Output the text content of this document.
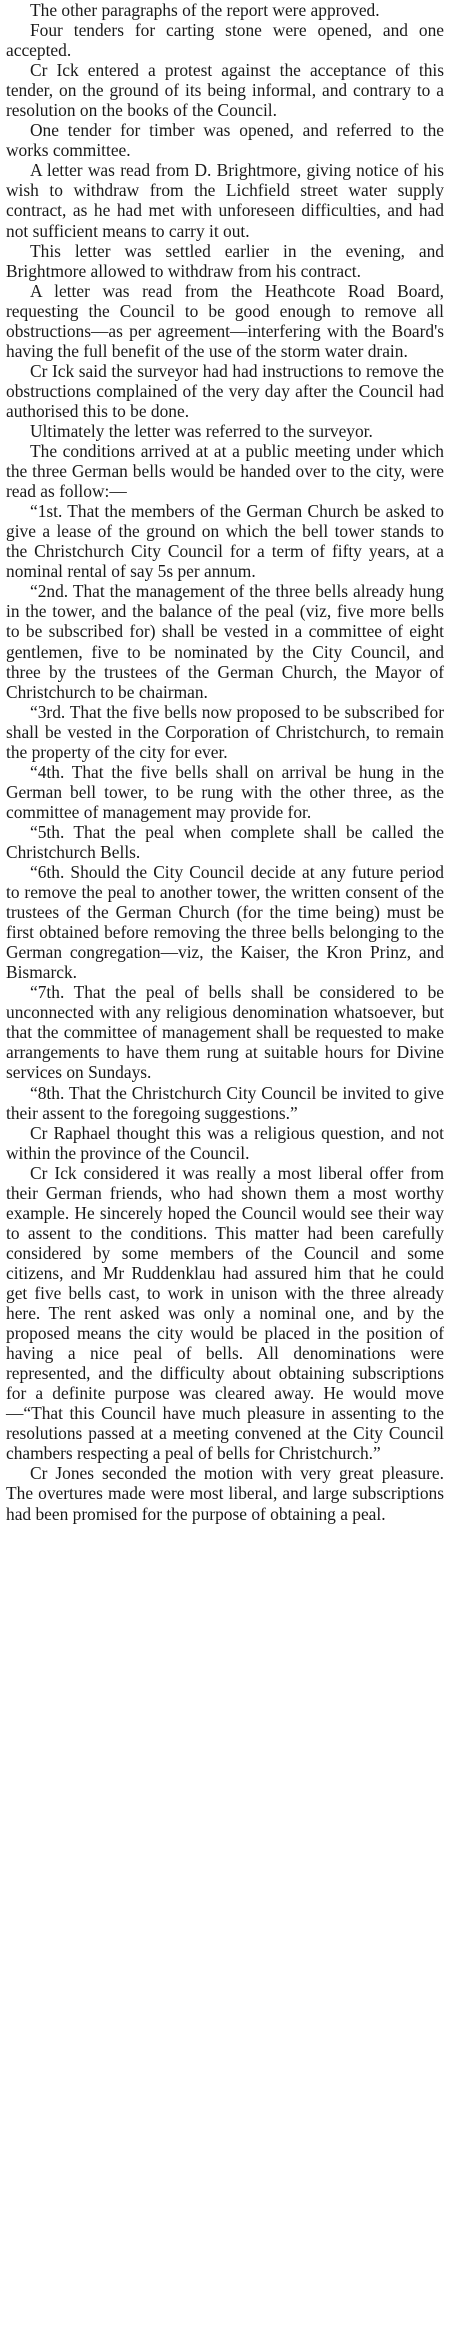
The other paragraphs of the report were approved.

Four tenders for carting stone were opened, and one accepted.

Cr Ick entered a protest against the acceptance of this tender, on the ground of its being informal, and contrary to a resolution on the books of the Council.

One tender for timber was opened, and referred to the works committee.

A letter was read from D. Brightmore, giving notice of his wish to withdraw from the Lichfield street water supply contract, as he had met with unforeseen difficulties, and had not sufficient means to carry it out.

This letter was settled earlier in the evening, and Brightmore allowed to withdraw from his contract.

A letter was read from the Heathcote Road Board, requesting the Council to be good enough to remove all obstructions—as per agreement—interfering with the Board's having the full benefit of the use of the storm water drain.

Cr Ick said the surveyor had had instructions to remove the obstructions complained of the very day after the Council had authorised this to be done.

Ultimately the letter was referred to the surveyor.

The conditions arrived at at a public meeting under which the three German bells would be handed over to the city, were read as follow:—

“1st. That the members of the German Church be asked to give a lease of the ground on which the bell tower stands to the Christchurch City Council for a term of fifty years, at a nominal rental of say 5s per annum.

“2nd. That the management of the three bells already hung in the tower, and the balance of the peal (viz, five more bells to be subscribed for) shall be vested in a committee of eight gentlemen, five to be nominated by the City Council, and three by the trustees of the German Church, the Mayor of Christchurch to be chairman.

“3rd. That the five bells now proposed to be subscribed for shall be vested in the Corporation of Christchurch, to remain the property of the city for ever.

“4th. That the five bells shall on arrival be hung in the German bell tower, to be rung with the other three, as the committee of management may provide for.

“5th. That the peal when complete shall be called the Christchurch Bells.

“6th. Should the City Council decide at any future period to remove the peal to another tower, the written consent of the trustees of the German Church (for the time being) must be first obtained before removing the three bells belonging to the German congregation—viz, the Kaiser, the Kron Prinz, and Bismarck.

“7th. That the peal of bells shall be considered to be unconnected with any religious denomination whatsoever, but that the committee of management shall be requested to make arrangements to have them rung at suitable hours for Divine services on Sundays.

“8th. That the Christchurch City Council be invited to give their assent to the foregoing suggestions.”

Cr Raphael thought this was a religious question, and not within the province of the Council.

Cr Ick considered it was really a most liberal offer from their German friends, who had shown them a most worthy example. He sincerely hoped the Council would see their way to assent to the conditions. This matter had been carefully considered by some members of the Council and some citizens, and Mr Ruddenklau had assured him that he could get five bells cast, to work in unison with the three already here. The rent asked was only a nominal one, and by the proposed means the city would be placed in the position of having a nice peal of bells. All denominations were represented, and the difficulty about obtaining subscriptions for a definite purpose was cleared away. He would move—“That this Council have much pleasure in assenting to the resolutions passed at a meeting convened at the City Council chambers respecting a peal of bells for Christchurch.”

Cr Jones seconded the motion with very great pleasure. The overtures made were most liberal, and large subscriptions had been promised for the purpose of obtaining a peal.
